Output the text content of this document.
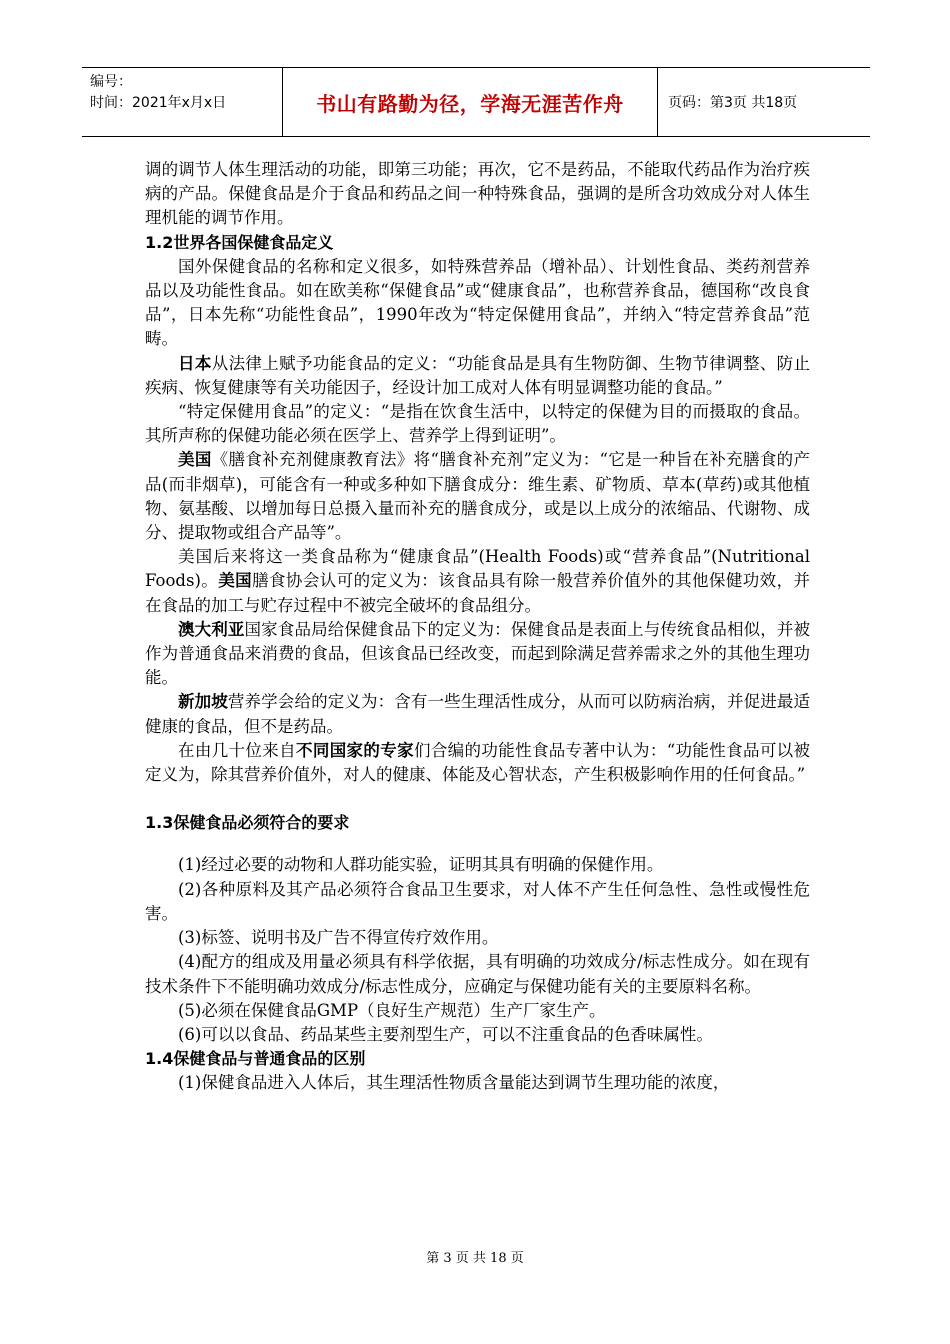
编号：
时间：2021年x月x日	书山有路勤为径，学海无涯苦作舟	页码：第3页 共18页

调的调节人体生理活动的功能，即第三功能；再次，它不是药品，不能取代药品作为治疗疾病的产品。保健食品是介于食品和药品之间一种特殊食品，强调的是所含功效成分对人体生理机能的调节作用。

1.2世界各国保健食品定义

国外保健食品的名称和定义很多，如特殊营养品（增补品）、计划性食品、类药剂营养品以及功能性食品。如在欧美称“保健食品”或“健康食品”，也称营养食品，德国称“改良食品”，日本先称“功能性食品”，1990年改为“特定保健用食品”，并纳入“特定营养食品”范畴。

日本从法律上赋予功能食品的定义：“功能食品是具有生物防御、生物节律调整、防止疾病、恢复健康等有关功能因子，经设计加工成对人体有明显调整功能的食品。”

“特定保健用食品”的定义：“是指在饮食生活中，以特定的保健为目的而摄取的食品。其所声称的保健功能必须在医学上、营养学上得到证明”。

美国《膳食补充剂健康教育法》将“膳食补充剂”定义为：“它是一种旨在补充膳食的产品(而非烟草)，可能含有一种或多种如下膳食成分：维生素、矿物质、草本(草药)或其他植物、氨基酸、以增加每日总摄入量而补充的膳食成分，或是以上成分的浓缩品、代谢物、成分、提取物或组合产品等”。

美国后来将这一类食品称为“健康食品”(Health Foods)或“营养食品”(Nutritional Foods)。美国膳食协会认可的定义为：该食品具有除一般营养价值外的其他保健功效，并在食品的加工与贮存过程中不被完全破坏的食品组分。

澳大利亚国家食品局给保健食品下的定义为：保健食品是表面上与传统食品相似，并被作为普通食品来消费的食品，但该食品已经改变，而起到除满足营养需求之外的其他生理功能。

新加坡营养学会给的定义为：含有一些生理活性成分，从而可以防病治病，并促进最适健康的食品，但不是药品。

在由几十位来自不同国家的专家们合编的功能性食品专著中认为：“功能性食品可以被定义为，除其营养价值外，对人的健康、体能及心智状态，产生积极影响作用的任何食品。”

1.3保健食品必须符合的要求

(1)经过必要的动物和人群功能实验，证明其具有明确的保健作用。

(2)各种原料及其产品必须符合食品卫生要求，对人体不产生任何急性、急性或慢性危害。

(3)标签、说明书及广告不得宣传疗效作用。

(4)配方的组成及用量必须具有科学依据，具有明确的功效成分/标志性成分。如在现有技术条件下不能明确功效成分/标志性成分，应确定与保健功能有关的主要原料名称。

(5)必须在保健食品GMP（良好生产规范）生产厂家生产。

(6)可以以食品、药品某些主要剂型生产，可以不注重食品的色香味属性。

1.4保健食品与普通食品的区别

(1)保健食品进入人体后，其生理活性物质含量能达到调节生理功能的浓度，

第 3 页 共 18 页
